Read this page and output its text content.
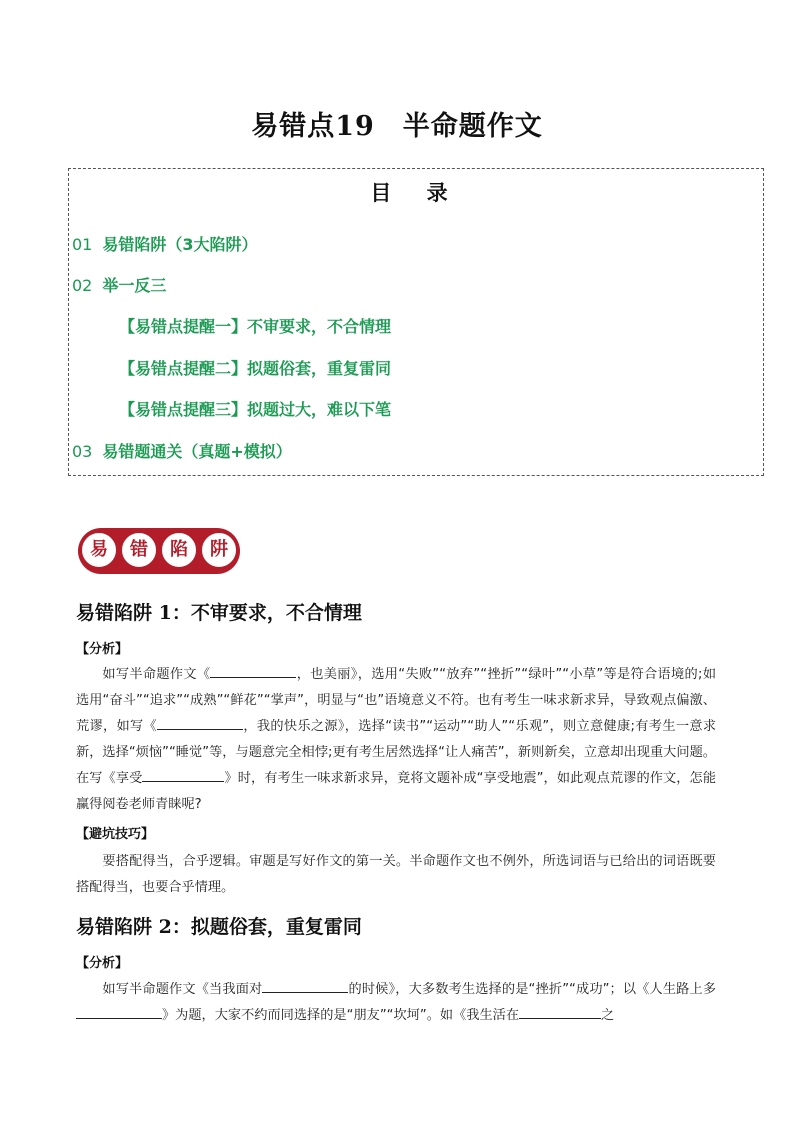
易错点19　半命题作文
目 录
01 易错陷阱（3大陷阱）
02 举一反三
【易错点提醒一】不审要求，不合情理
【易错点提醒二】拟题俗套，重复雷同
【易错点提醒三】拟题过大，难以下笔
03 易错题通关（真题+模拟）
易	错	陷	阱
易错陷阱 1：不审要求，不合情理
【分析】
如写半命题作文《	，也美丽》，选用“失败”“放弃”“挫折”“绿叶”“小草”等是符合语境的;如选用“奋斗”“追求”“成熟”“鲜花”“掌声”，明显与“也”语境意义不符。也有考生一味求新求异，导致观点偏激、荒谬，如写《	，我的快乐之源》，选择“读书”“运动”“助人”“乐观”，则立意健康;有考生一意求新，选择“烦恼”“睡觉”等，与题意完全相悖;更有考生居然选择“让人痛苦”，新则新矣，立意却出现重大问题。在写《享受	》时，有考生一味求新求异，竟将文题补成“享受地震”，如此观点荒谬的作文，怎能赢得阅卷老师青睐呢?
【避坑技巧】
要搭配得当，合乎逻辑。审题是写好作文的第一关。半命题作文也不例外，所选词语与已给出的词语既要搭配得当，也要合乎情理。
易错陷阱 2：拟题俗套，重复雷同
【分析】
如写半命题作文《当我面对	的时候》，大多数考生选择的是“挫折”“成功”；以《人生路上多》为题，大家不约而同选择的是“朋友”“坎坷”。如《我生活在	之
